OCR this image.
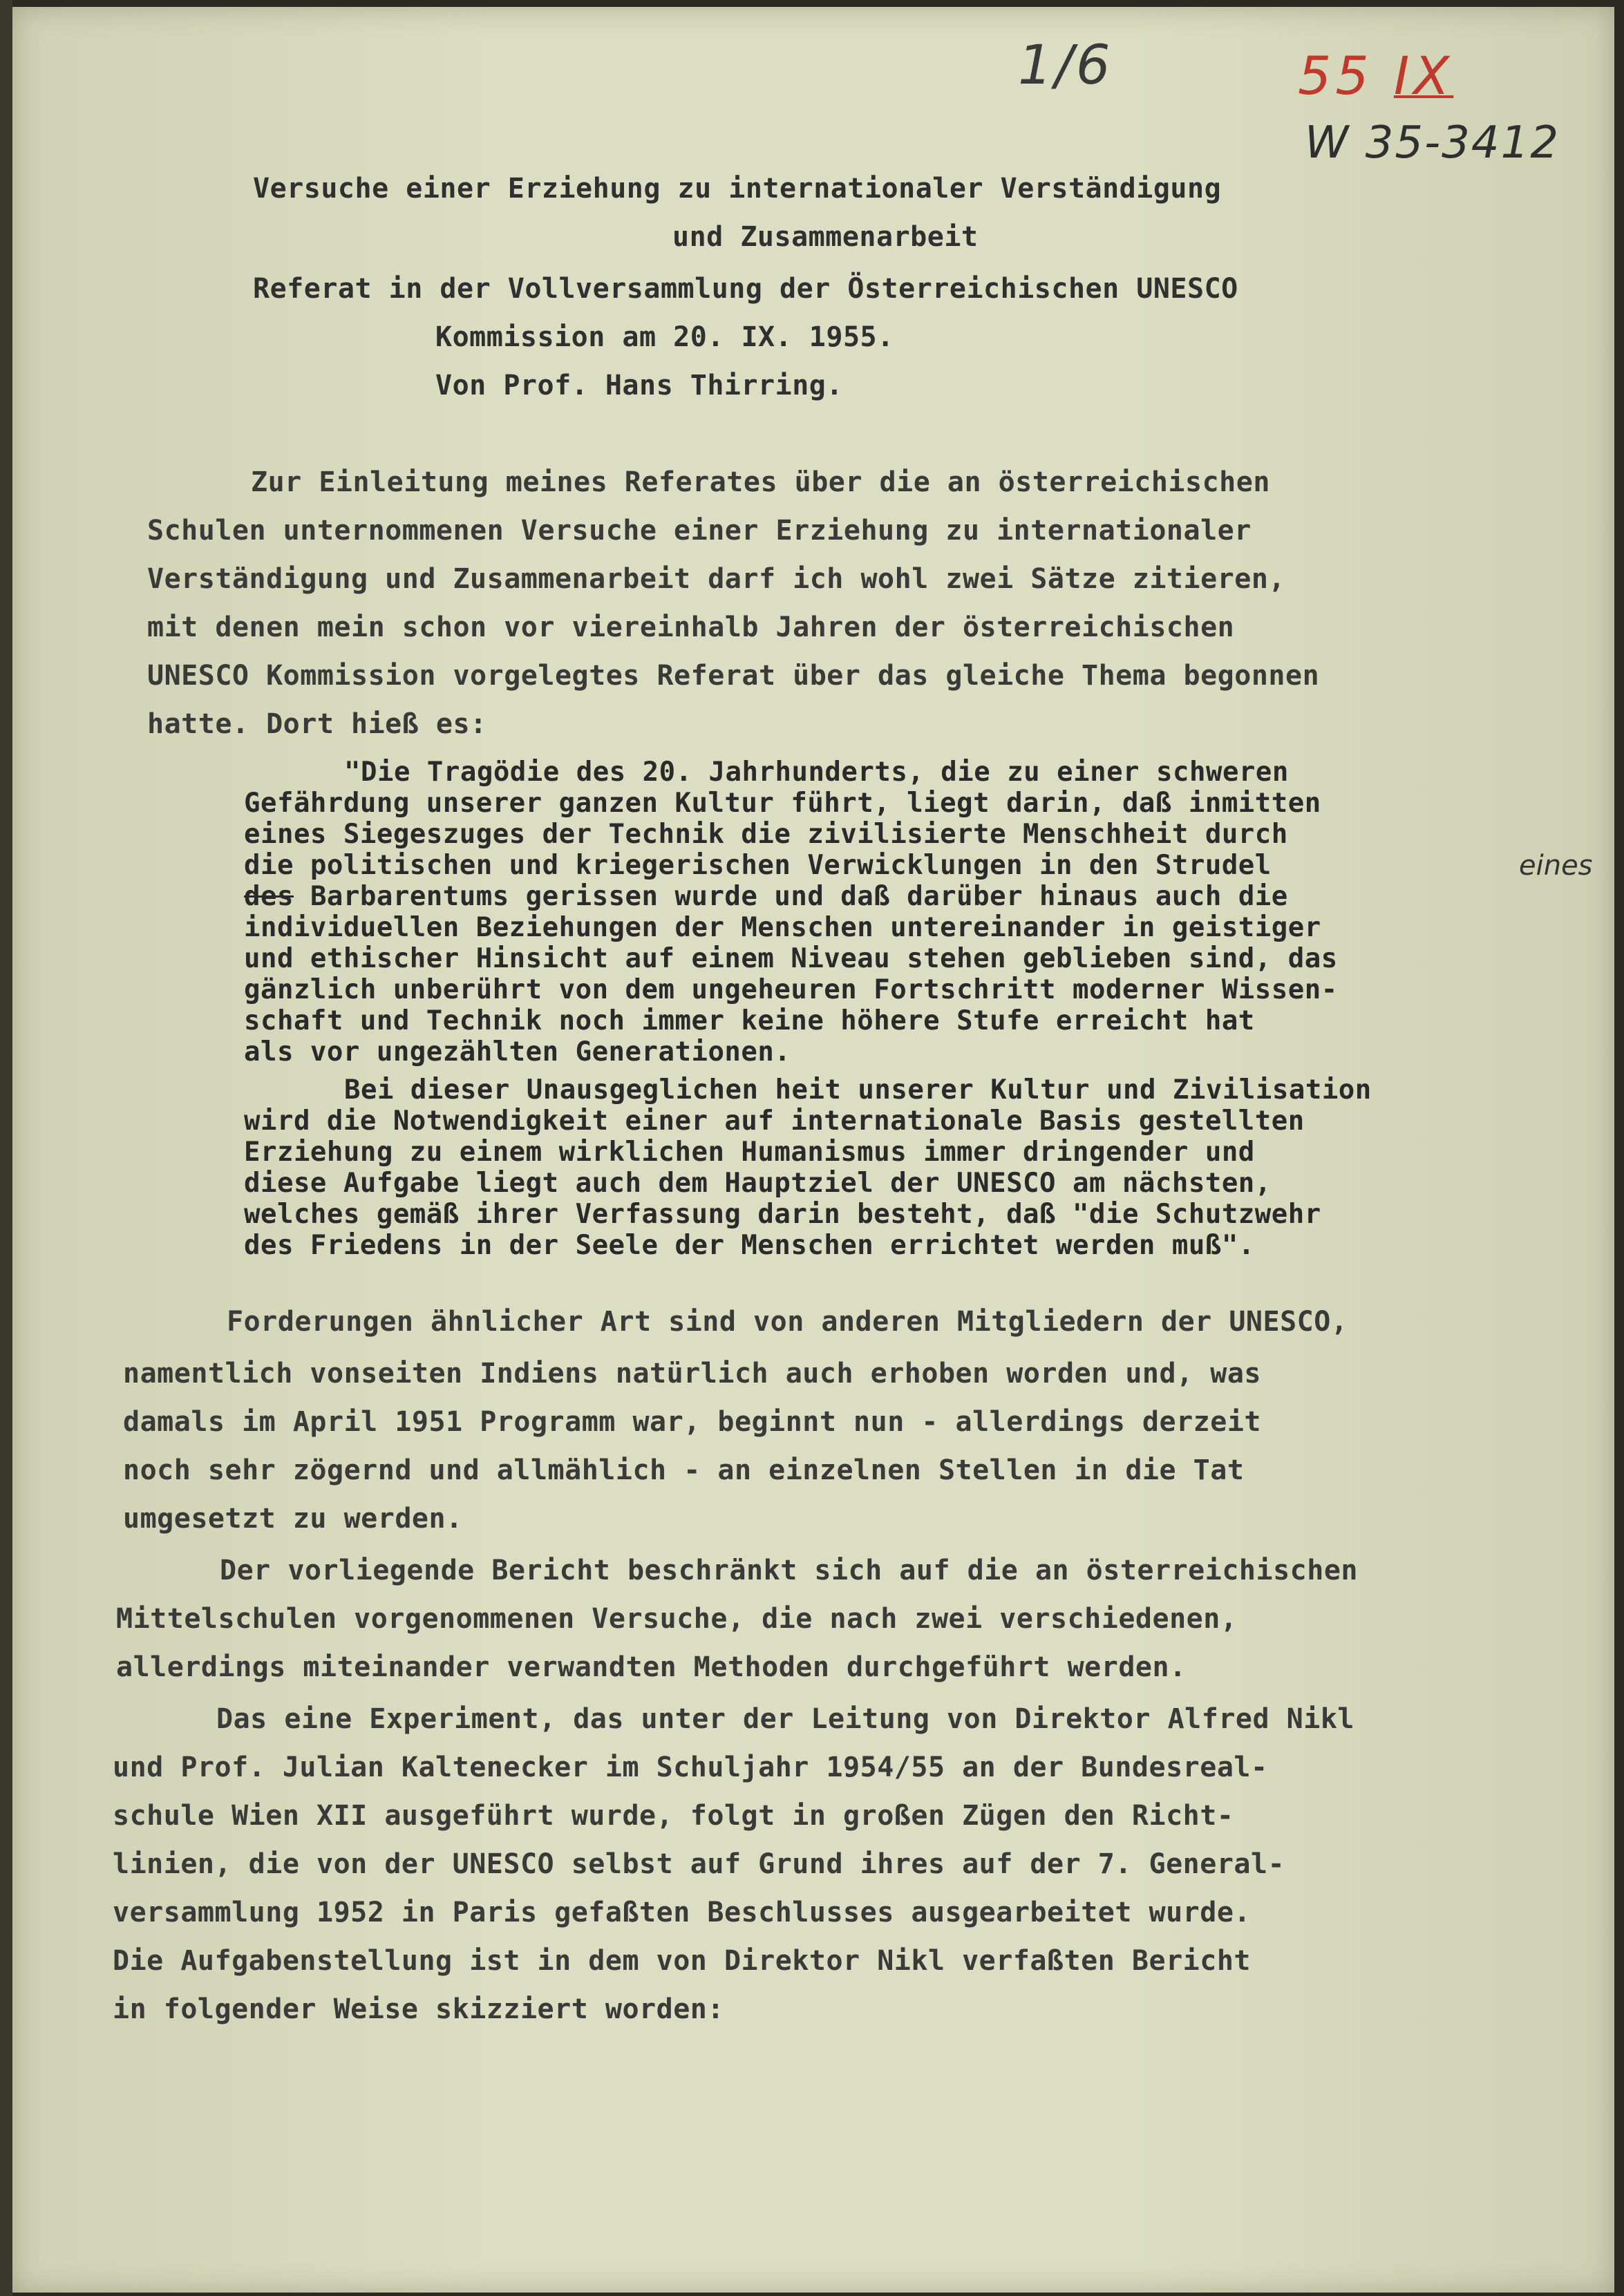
1/6	55 IX
W 35-3412
Versuche einer Erziehung zu internationaler Verständigung
und Zusammenarbeit
Referat in der Vollversammlung der Österreichischen UNESCO
Kommission am 20. IX. 1955.
Von Prof. Hans Thirring.
Zur Einleitung meines Referates über die an österreichischen
Schulen unternommenen Versuche einer Erziehung zu internationaler
Verständigung und Zusammenarbeit darf ich wohl zwei Sätze zitieren,
mit denen mein schon vor viereinhalb Jahren der österreichischen
UNESCO Kommission vorgelegtes Referat über das gleiche Thema begonnen
hatte. Dort hieß es:
"Die Tragödie des 20. Jahrhunderts, die zu einer schweren
Gefährdung unserer ganzen Kultur führt, liegt darin, daß inmitten
eines Siegeszuges der Technik die zivilisierte Menschheit durch
die politischen und kriegerischen Verwicklungen in den Strudel	eines
des Barbarentums gerissen wurde und daß darüber hinaus auch die
individuellen Beziehungen der Menschen untereinander in geistiger
und ethischer Hinsicht auf einem Niveau stehen geblieben sind, das
gänzlich unberührt von dem ungeheuren Fortschritt moderner Wissen-
schaft und Technik noch immer keine höhere Stufe erreicht hat
als vor ungezählten Generationen.
Bei dieser Unausgeglichen heit unserer Kultur und Zivilisation
wird die Notwendigkeit einer auf internationale Basis gestellten
Erziehung zu einem wirklichen Humanismus immer dringender und
diese Aufgabe liegt auch dem Hauptziel der UNESCO am nächsten,
welches gemäß ihrer Verfassung darin besteht, daß "die Schutzwehr
des Friedens in der Seele der Menschen errichtet werden muß".
Forderungen ähnlicher Art sind von anderen Mitgliedern der UNESCO,
namentlich vonseiten Indiens natürlich auch erhoben worden und, was
damals im April 1951 Programm war, beginnt nun - allerdings derzeit
noch sehr zögernd und allmählich - an einzelnen Stellen in die Tat
umgesetzt zu werden.
Der vorliegende Bericht beschränkt sich auf die an österreichischen
Mittelschulen vorgenommenen Versuche, die nach zwei verschiedenen,
allerdings miteinander verwandten Methoden durchgeführt werden.
Das eine Experiment, das unter der Leitung von Direktor Alfred Nikl
und Prof. Julian Kaltenecker im Schuljahr 1954/55 an der Bundesreal-
schule Wien XII ausgeführt wurde, folgt in großen Zügen den Richt-
linien, die von der UNESCO selbst auf Grund ihres auf der 7. General-
versammlung 1952 in Paris gefaßten Beschlusses ausgearbeitet wurde.
Die Aufgabenstellung ist in dem von Direktor Nikl verfaßten Bericht
in folgender Weise skizziert worden:
